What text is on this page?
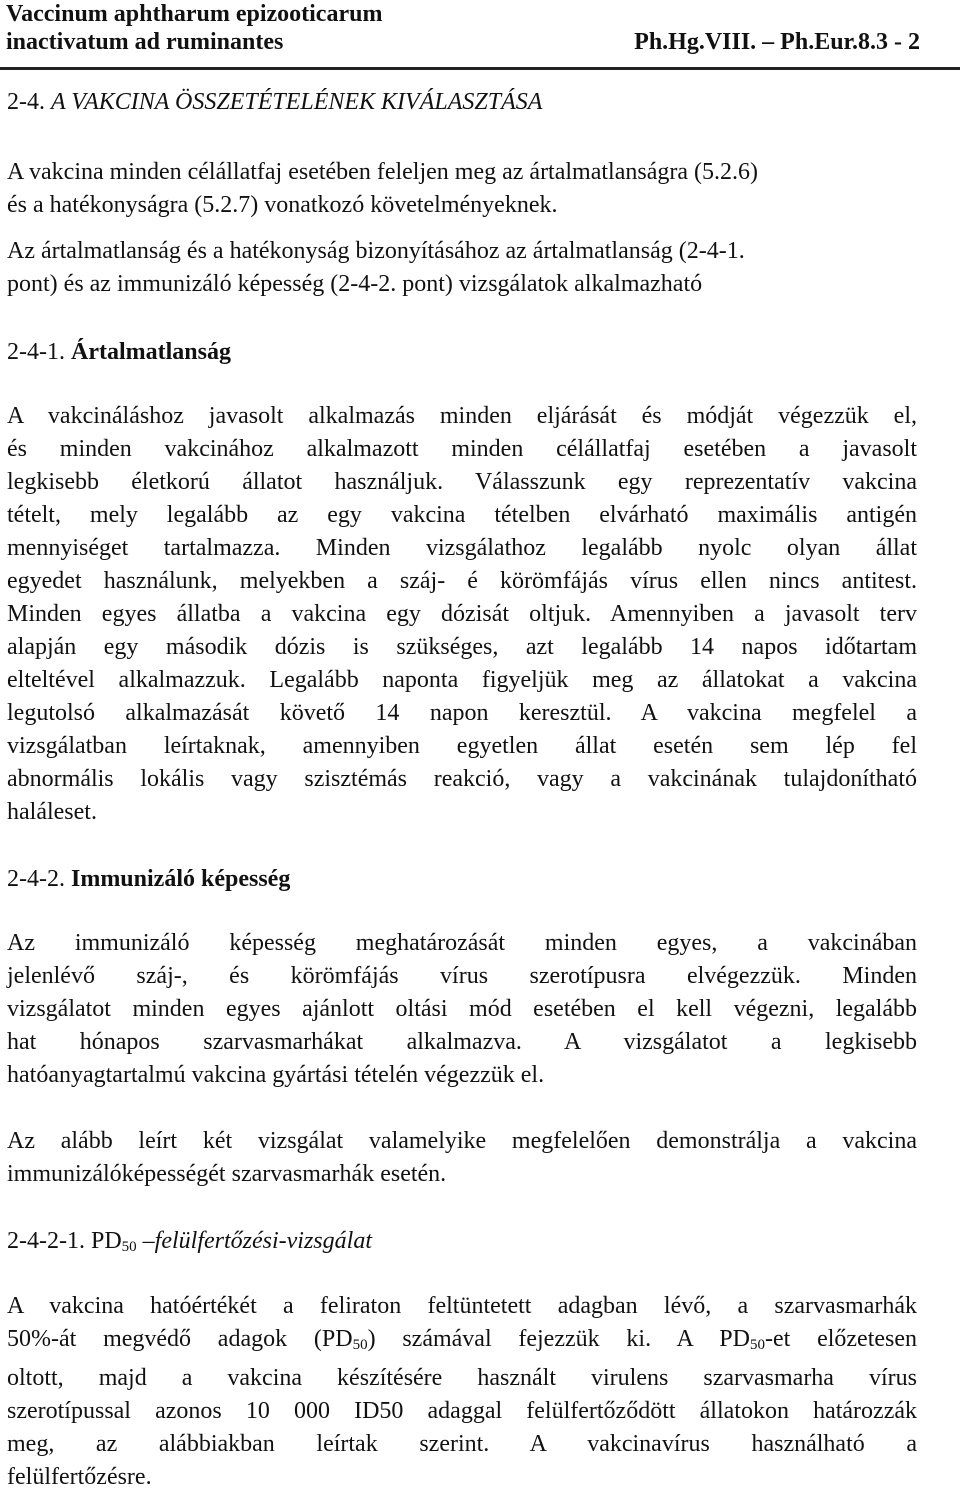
Vaccinum aphtharum epizooticarum
inactivatum ad ruminantes	Ph.Hg.VIII. – Ph.Eur.8.3 - 2
2-4. A VAKCINA ÖSSZETÉTELÉNEK KIVÁLASZTÁSA
A vakcina minden célállatfaj esetében feleljen meg az ártalmatlanságra (5.2.6)
és a hatékonyságra (5.2.7) vonatkozó követelményeknek.
Az ártalmatlanság és a hatékonyság bizonyításához az ártalmatlanság (2-4-1.
pont) és az immunizáló képesség (2-4-2. pont) vizsgálatok alkalmazható
2-4-1. Ártalmatlanság
A vakcináláshoz javasolt alkalmazás minden eljárását és módját végezzük el,
és minden vakcinához alkalmazott minden célállatfaj esetében a javasolt
legkisebb életkorú állatot használjuk. Válasszunk egy reprezentatív vakcina
tételt, mely legalább az egy vakcina tételben elvárható maximális antigén
mennyiséget tartalmazza. Minden vizsgálathoz legalább nyolc olyan állat
egyedet használunk, melyekben a száj- é körömfájás vírus ellen nincs antitest.
Minden egyes állatba a vakcina egy dózisát oltjuk. Amennyiben a javasolt terv
alapján egy második dózis is szükséges, azt legalább 14 napos időtartam
elteltével alkalmazzuk. Legalább naponta figyeljük meg az állatokat a vakcina
legutolsó alkalmazását követő 14 napon keresztül. A vakcina megfelel a
vizsgálatban leírtaknak, amennyiben egyetlen állat esetén sem lép fel
abnormális lokális vagy szisztémás reakció, vagy a vakcinának tulajdonítható
haláleset.
2-4-2. Immunizáló képesség
Az immunizáló képesség meghatározását minden egyes, a vakcinában
jelenlévő száj-, és körömfájás vírus szerotípusra elvégezzük. Minden
vizsgálatot minden egyes ajánlott oltási mód esetében el kell végezni, legalább
hat hónapos szarvasmarhákat alkalmazva. A vizsgálatot a legkisebb
hatóanyagtartalmú vakcina gyártási tételén végezzük el.
Az alább leírt két vizsgálat valamelyike megfelelően demonstrálja a vakcina
immunizálóképességét szarvasmarhák esetén.
2-4-2-1. $PD_{50}$ –felülfertőzési-vizsgálat
A vakcina hatóértékét a feliraton feltüntetett adagban lévő, a szarvasmarhák
50%-át megvédő adagok $(PD_{50})$ számával fejezzük ki. A $PD_{50}-et$ előzetesen
oltott, majd a vakcina készítésére használt virulens szarvasmarha vírus
szerotípussal azonos 10 000 ID50 adaggal felülfertőződött állatokon határozzák
meg, az alábbiakban leírtak szerint. A vakcinavírus használható a
felülfertőzésre.
